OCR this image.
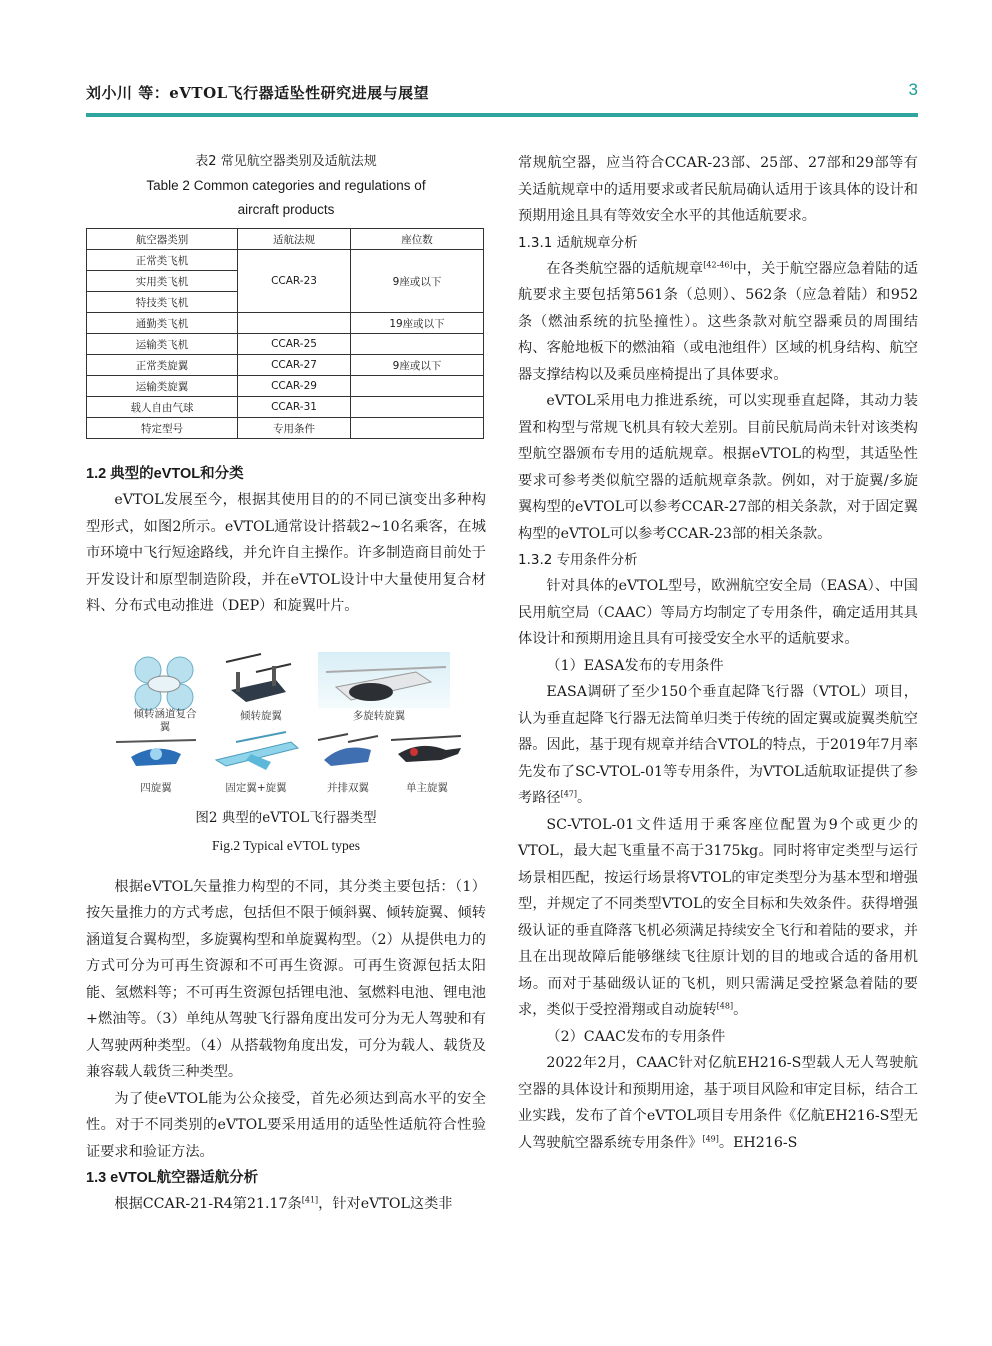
刘小川 等：eVTOL飞行器适坠性研究进展与展望	3
表2 常见航空器类别及适航法规
Table 2 Common categories and regulations of
aircraft products
航空器类别	适航法规	座位数
正常类飞机	CCAR-23	9座或以下
实用类飞机		
特技类飞机		
通勤类飞机		19座或以下
运输类飞机	CCAR-25	
正常类旋翼	CCAR-27	9座或以下
运输类旋翼	CCAR-29	
载人自由气球	CCAR-31	
特定型号	专用条件	

1.2 典型的eVTOL和分类

eVTOL发展至今，根据其使用目的的不同已演变出多种构型形式，如图2所示。eVTOL通常设计搭载2~10名乘客，在城市环境中飞行短途路线，并允许自主操作。许多制造商目前处于开发设计和原型制造阶段，并在eVTOL设计中大量使用复合材料、分布式电动推进（DEP）和旋翼叶片。

倾转涵道复合翼
倾转旋翼	多旋转旋翼
四旋翼	固定翼+旋翼	并排双翼	单主旋翼
图2 典型的eVTOL飞行器类型
Fig.2 Typical eVTOL types

根据eVTOL矢量推力构型的不同，其分类主要包括：（1）按矢量推力的方式考虑，包括但不限于倾斜翼、倾转旋翼、倾转涵道复合翼构型，多旋翼构型和单旋翼构型。（2）从提供电力的方式可分为可再生资源和不可再生资源。可再生资源包括太阳能、氢燃料等；不可再生资源包括锂电池、氢燃料电池、锂电池+燃油等。（3）单纯从驾驶飞行器角度出发可分为无人驾驶和有人驾驶两种类型。（4）从搭载物角度出发，可分为载人、载货及兼容载人载货三种类型。

为了使eVTOL能为公众接受，首先必须达到高水平的安全性。对于不同类别的eVTOL要采用适用的适坠性适航符合性验证要求和验证方法。

1.3 eVTOL航空器适航分析

根据CCAR-21-R4第21.17条[41]，针对eVTOL这类非

常规航空器，应当符合CCAR-23部、25部、27部和29部等有关适航规章中的适用要求或者民航局确认适用于该具体的设计和预期用途且具有等效安全水平的其他适航要求。

1.3.1 适航规章分析

在各类航空器的适航规章[42-46]中，关于航空器应急着陆的适航要求主要包括第561条（总则）、562条（应急着陆）和952条（燃油系统的抗坠撞性）。这些条款对航空器乘员的周围结构、客舱地板下的燃油箱（或电池组件）区域的机身结构、航空器支撑结构以及乘员座椅提出了具体要求。

eVTOL采用电力推进系统，可以实现垂直起降，其动力装置和构型与常规飞机具有较大差别。目前民航局尚未针对该类构型航空器颁布专用的适航规章。根据eVTOL的构型，其适坠性要求可参考类似航空器的适航规章条款。例如，对于旋翼/多旋翼构型的eVTOL可以参考CCAR-27部的相关条款，对于固定翼构型的eVTOL可以参考CCAR-23部的相关条款。

1.3.2 专用条件分析

针对具体的eVTOL型号，欧洲航空安全局（EASA）、中国民用航空局（CAAC）等局方均制定了专用条件，确定适用其具体设计和预期用途且具有可接受安全水平的适航要求。

（1）EASA发布的专用条件

EASA调研了至少150个垂直起降飞行器（VTOL）项目，认为垂直起降飞行器无法简单归类于传统的固定翼或旋翼类航空器。因此，基于现有规章并结合VTOL的特点，于2019年7月率先发布了SC-VTOL-01等专用条件，为VTOL适航取证提供了参考路径[47]。

SC-VTOL-01文件适用于乘客座位配置为9个或更少的VTOL，最大起飞重量不高于3175kg。同时将审定类型与运行场景相匹配，按运行场景将VTOL的审定类型分为基本型和增强型，并规定了不同类型VTOL的安全目标和失效条件。获得增强级认证的垂直降落飞机必须满足持续安全飞行和着陆的要求，并且在出现故障后能够继续飞往原计划的目的地或合适的备用机场。而对于基础级认证的飞机，则只需满足受控紧急着陆的要求，类似于受控滑翔或自动旋转[48]。

（2）CAAC发布的专用条件

2022年2月，CAAC针对亿航EH216-S型载人无人驾驶航空器的具体设计和预期用途，基于项目风险和审定目标，结合工业实践，发布了首个eVTOL项目专用条件《亿航EH216-S型无人驾驶航空器系统专用条件》[49]。EH216-S
